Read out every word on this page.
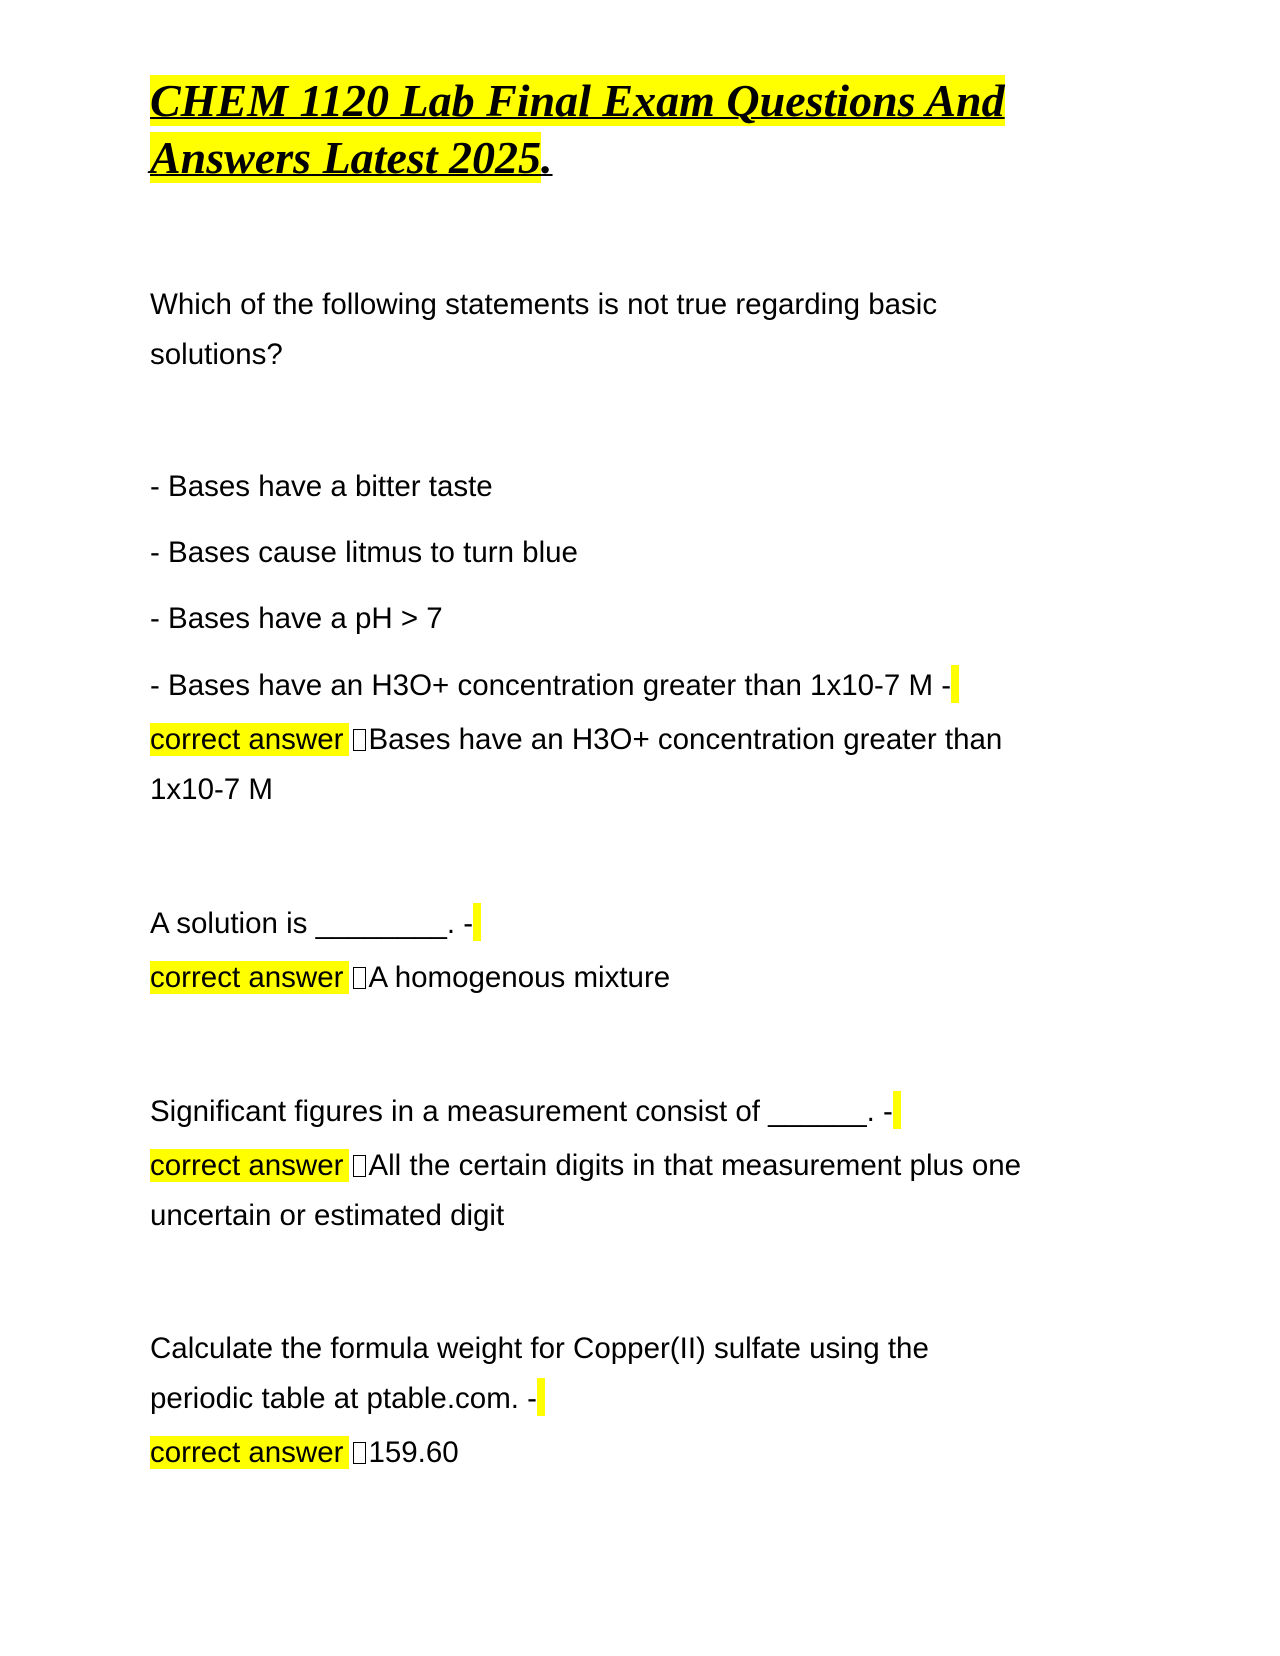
CHEM 1120 Lab Final Exam Questions And
Answers Latest 2025.
Which of the following statements is not true regarding basic
solutions?
- Bases have a bitter taste
- Bases cause litmus to turn blue
- Bases have a pH > 7
- Bases have an H3O+ concentration greater than 1x10-7 M -
correct answer Bases have an H3O+ concentration greater than
1x10-7 M
A solution is ________. -
correct answer A homogenous mixture
Significant figures in a measurement consist of ______. -
correct answer All the certain digits in that measurement plus one
uncertain or estimated digit
Calculate the formula weight for Copper(II) sulfate using the
periodic table at ptable.com. -
correct answer 159.60
